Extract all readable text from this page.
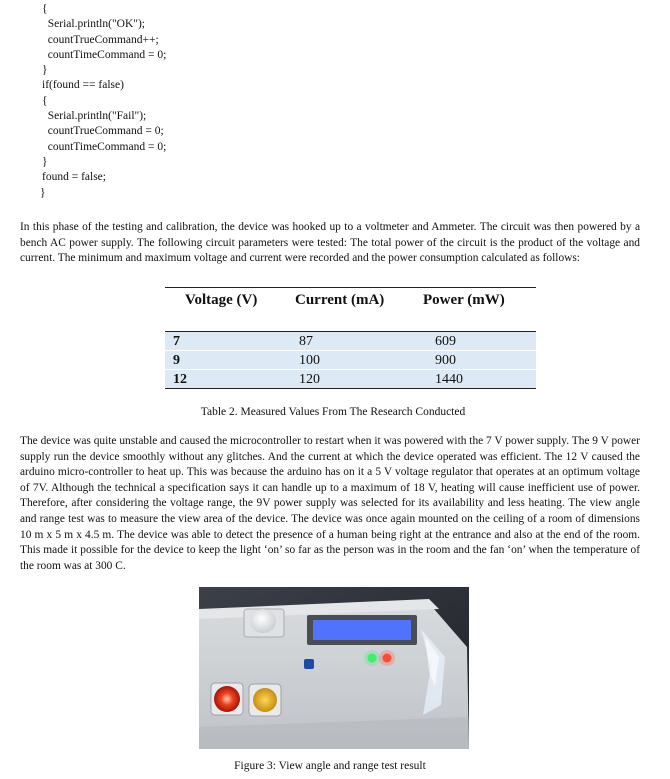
{
Serial.println("OK");
countTrueCommand++;
countTimeCommand = 0;
}
if(found == false)
{
Serial.println("Fail");
countTrueCommand = 0;
countTimeCommand = 0;
}
found = false;
}

In this phase of the testing and calibration, the device was hooked up to a voltmeter and Ammeter. The circuit was then powered by a bench AC power supply. The following circuit parameters were tested: The total power of the circuit is the product of the voltage and current. The minimum and maximum voltage and current were recorded and the power consumption calculated as follows:

Voltage (V)	Current (mA)	Power (mW)

7	87	609
9	100	900
12	120	1440

Table 2. Measured Values From The Research Conducted

The device was quite unstable and caused the microcontroller to restart when it was powered with the 7 V power supply. The 9 V power supply run the device smoothly without any glitches. And the current at which the device operated was efficient. The 12 V caused the arduino micro-controller to heat up. This was because the arduino has on it a 5 V voltage regulator that operates at an optimum voltage of 7V. Although the technical a specification says it can handle up to a maximum of 18 V, heating will cause inefficient use of power. Therefore, after considering the voltage range, the 9V power supply was selected for its availability and less heating. The view angle and range test was to measure the view area of the device. The device was once again mounted on the ceiling of a room of dimensions 10 m x 5 m x 4.5 m. The device was able to detect the presence of a human being right at the entrance and also at the end of the room. This made it possible for the device to keep the light ‘on’ so far as the person was in the room and the fan ‘on’ when the temperature of the room was at 300 C.

Figure 3: View angle and range test result
